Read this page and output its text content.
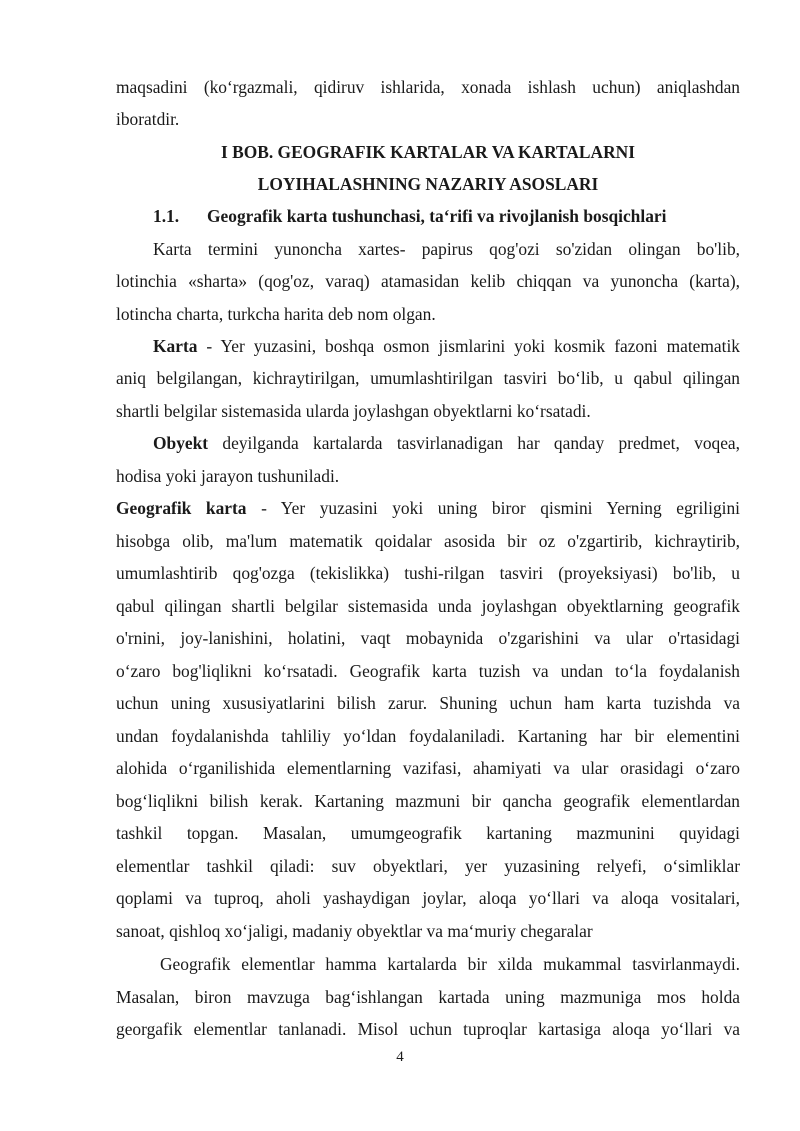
maqsadini (ko‘rgazmali, qidiruv ishlarida, xonada ishlash uchun) aniqlashdan
iboratdir.
I BOB. GEOGRAFIK KARTALAR VA KARTALARNI
LOYIHALASHNING NAZARIY ASOSLARI
1.1. Geografik karta tushunchasi, ta‘rifi va rivojlanish bosqichlari
Karta termini yunoncha xartes- papirus qog'ozi so'zidan olingan bo'lib,
lotinchia «sharta» (qog'oz, varaq) atamasidan kelib chiqqan va yunoncha (karta),
lotincha charta, turkcha harita deb nom olgan.
Karta - Yer yuzasini, boshqa osmon jismlarini yoki kosmik fazoni matematik
aniq belgilangan, kichraytirilgan, umumlashtirilgan tasviri bo‘lib, u qabul qilingan
shartli belgilar sistemasida ularda joylashgan obyektlarni ko‘rsatadi.
Obyekt deyilganda kartalarda tasvirlanadigan har qanday predmet, voqea,
hodisa yoki jarayon tushuniladi.
Geografik karta - Yer yuzasini yoki uning biror qismini Yerning egriligini
hisobga olib, ma'lum matematik qoidalar asosida bir oz o'zgartirib, kichraytirib,
umumlashtirib qog'ozga (tekislikka) tushi-rilgan tasviri (proyeksiyasi) bo'lib, u
qabul qilingan shartli belgilar sistemasida unda joylashgan obyektlarning geografik
o'rnini, joy-lanishini, holatini, vaqt mobaynida o'zgarishini va ular o'rtasidagi
o‘zaro bog'liqlikni ko‘rsatadi. Geografik karta tuzish va undan to‘la foydalanish
uchun uning xususiyatlarini bilish zarur. Shuning uchun ham karta tuzishda va
undan foydalanishda tahliliy yo‘ldan foydalaniladi. Kartaning har bir elementini
alohida o‘rganilishida elementlarning vazifasi, ahamiyati va ular orasidagi o‘zaro
bog‘liqlikni bilish kerak. Kartaning mazmuni bir qancha geografik elementlardan
tashkil topgan. Masalan, umumgeografik kartaning mazmunini quyidagi
elementlar tashkil qiladi: suv obyektlari, yer yuzasining relyefi, o‘simliklar
qoplami va tuproq, aholi yashaydigan joylar, aloqa yo‘llari va aloqa vositalari,
sanoat, qishloq xo‘jaligi, madaniy obyektlar va ma‘muriy chegaralar
Geografik elementlar hamma kartalarda bir xilda mukammal tasvirlanmaydi.
Masalan, biron mavzuga bag‘ishlangan kartada uning mazmuniga mos holda
georgafik elementlar tanlanadi. Misol uchun tuproqlar kartasiga aloqa yo‘llari va
4
